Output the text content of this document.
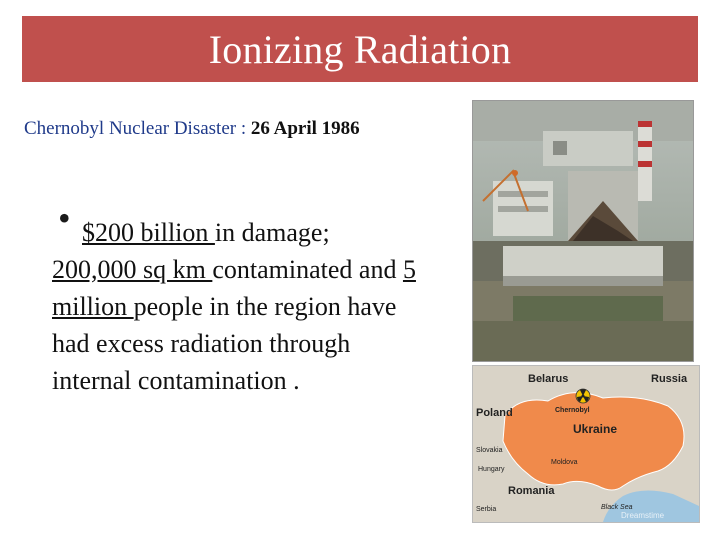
Ionizing Radiation
Chernobyl Nuclear Disaster : 26 April 1986
• $200 billion in damage;
200,000 sq km contaminated and 5 million people in the region have had excess radiation through internal contamination .	Belarus	Russia
Poland
Ukraine
Romania
Chernobyl
Slovakia
Hungary
Moldova
Serbia	Black Sea
Dreamstime
